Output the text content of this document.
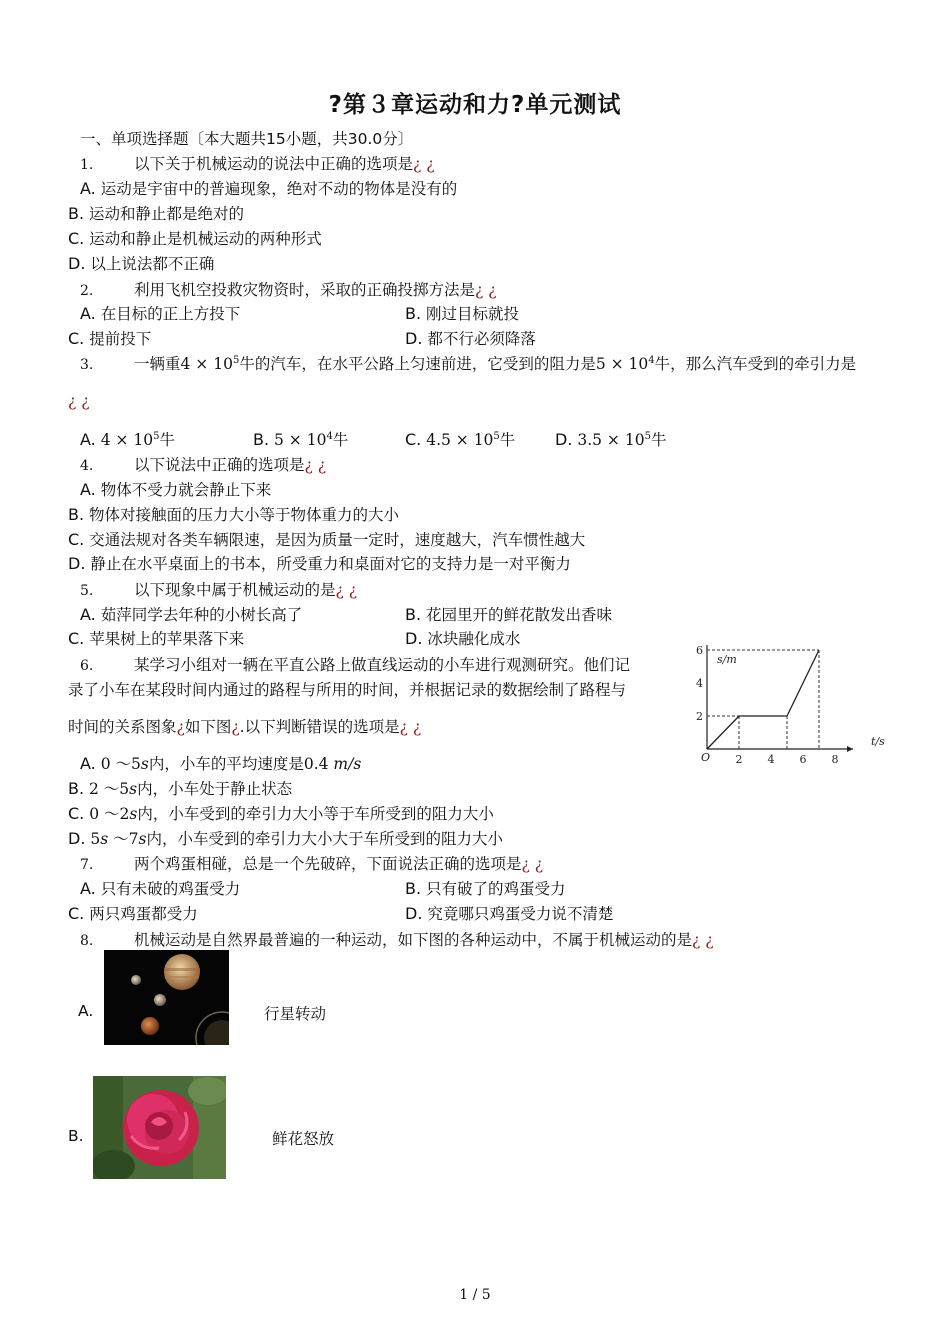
?第３章运动和力?单元测试
一、单项选择题〔本大题共15小题，共30.0分〕
1.	以下关于机械运动的说法中正确的选项是¿ ¿
A. 运动是宇宙中的普遍现象，绝对不动的物体是没有的
B. 运动和静止都是绝对的
C. 运动和静止是机械运动的两种形式
D. 以上说法都不正确
2.	利用飞机空投救灾物资时，采取的正确投掷方法是¿ ¿
A. 在目标的正上方投下	B. 刚过目标就投
C. 提前投下	D. 都不行必须降落
3.	一辆重$4 \times 10^5$牛的汽车，在水平公路上匀速前进，它受到的阻力是$5 \times 10^4$牛，那么汽车受到的牵引力是
¿ ¿
A. $4 \times 10^5$牛	B. $5 \times 10^4$牛	C. $4.5 \times 10^5$牛 D. $3.5 \times 10^5$牛
4.	以下说法中正确的选项是¿ ¿
A. 物体不受力就会静止下来
B. 物体对接触面的压力大小等于物体重力的大小
C. 交通法规对各类车辆限速，是因为质量一定时，速度越大，汽车惯性越大
D. 静止在水平桌面上的书本，所受重力和桌面对它的支持力是一对平衡力
5.	以下现象中属于机械运动的是¿ ¿
A. 茹萍同学去年种的小树长高了	B. 花园里开的鲜花散发出香味
C. 苹果树上的苹果落下来	D. 冰块融化成水
6.	某学习小组对一辆在平直公路上做直线运动的小车进行观测研究。他们记
录了小车在某段时间内通过的路程与所用的时间，并根据记录的数据绘制了路程与
时间的关系图象¿如下图¿.以下判断错误的选项是¿ ¿
A. 0 ～5s内，小车的平均速度是0.4 m/s
B. 2 ～5s内，小车处于静止状态
C. 0 ～2s内，小车受到的牵引力大小等于车所受到的阻力大小
D. 5s ～7s内，小车受到的牵引力大小大于车所受到的阻力大小
2 4 6 8
2
4
6
s/m
t/s
O
7.	两个鸡蛋相碰，总是一个先破碎，下面说法正确的选项是¿ ¿
A. 只有未破的鸡蛋受力	B. 只有破了的鸡蛋受力
C. 两只鸡蛋都受力	D. 究竟哪只鸡蛋受力说不清楚
8.	机械运动是自然界最普遍的一种运动，如下图的各种运动中，不属于机械运动的是¿ ¿
A.	行星转动
B.	鲜花怒放
1 / 5
